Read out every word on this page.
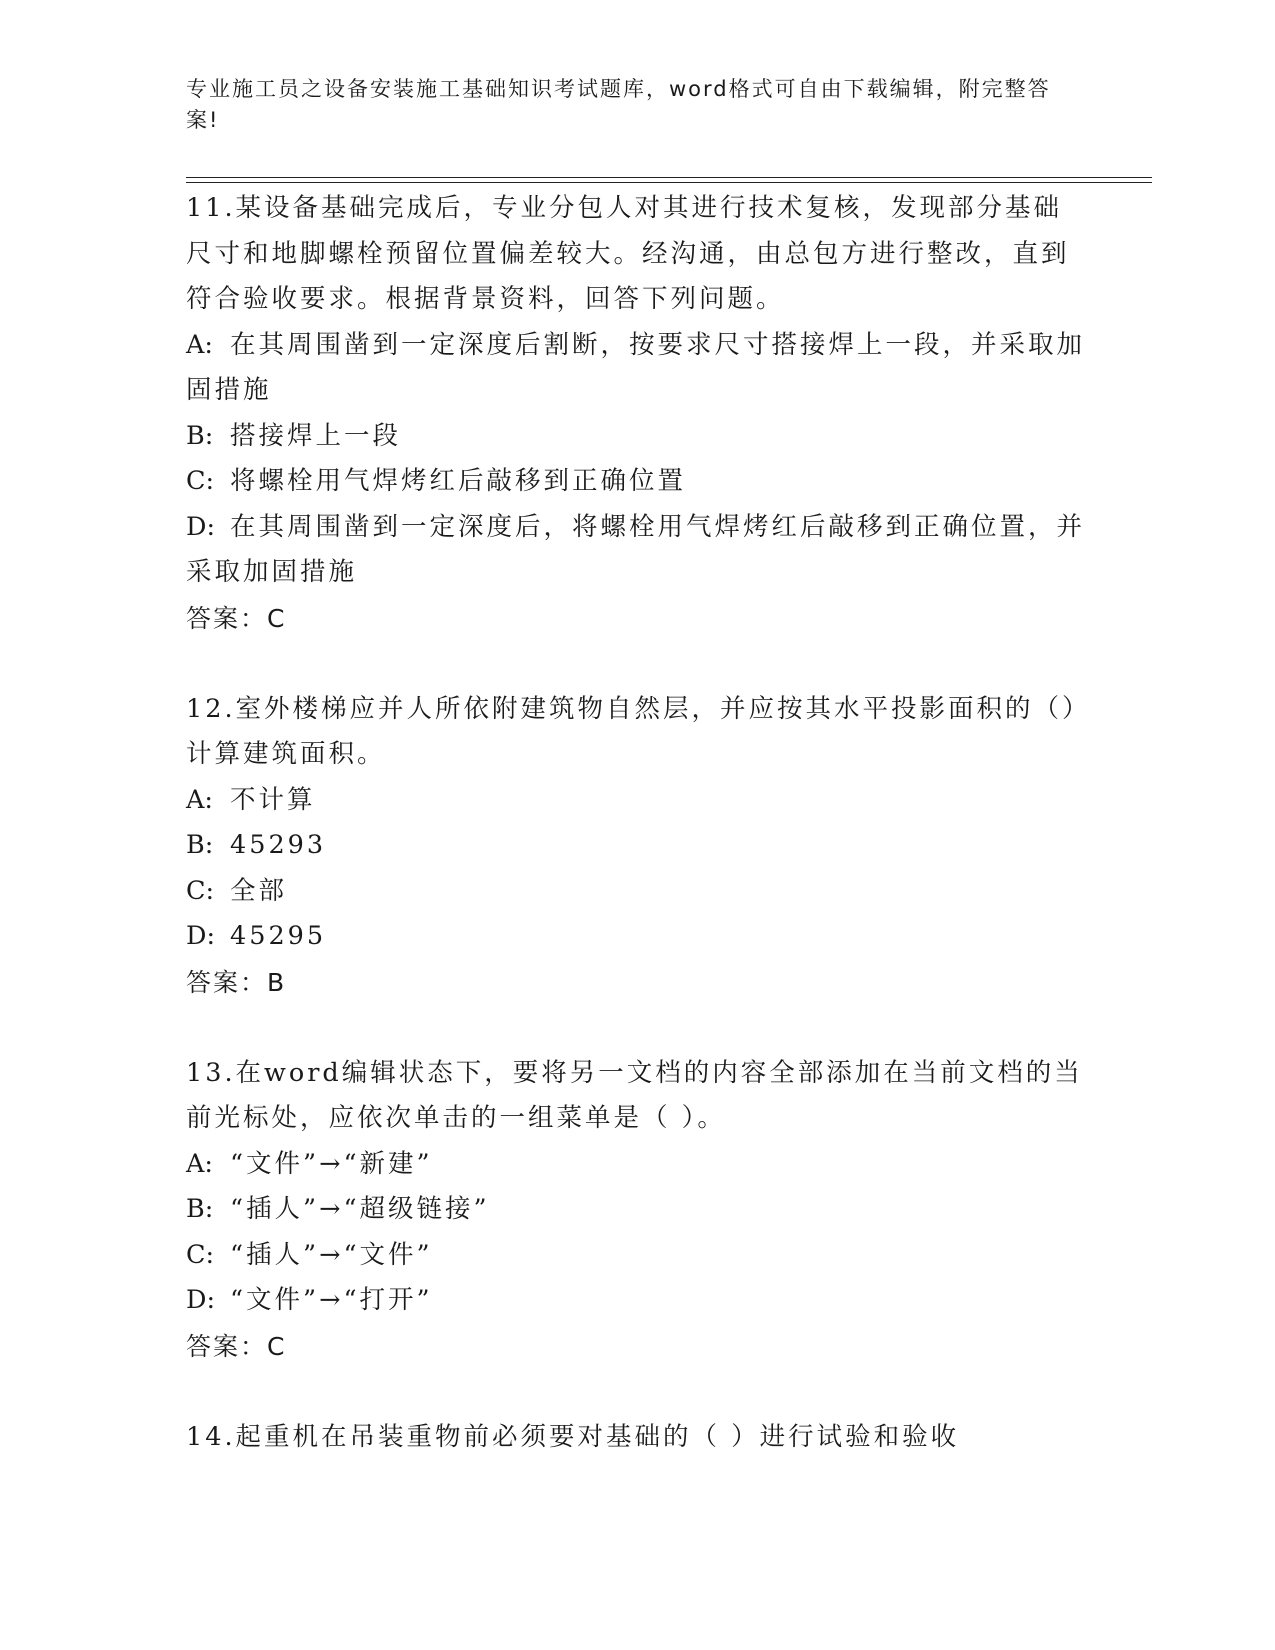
专业施工员之设备安装施工基础知识考试题库，word格式可自由下载编辑，附完整答案!

11.某设备基础完成后，专业分包人对其进行技术复核，发现部分基础尺寸和地脚螺栓预留位置偏差较大。经沟通，由总包方进行整改，直到符合验收要求。根据背景资料，回答下列问题。

A: 在其周围凿到一定深度后割断，按要求尺寸搭接焊上一段，并采取加固措施

B: 搭接焊上一段

C: 将螺栓用气焊烤红后敲移到正确位置

D: 在其周围凿到一定深度后，将螺栓用气焊烤红后敲移到正确位置，并采取加固措施

答案：C

12.室外楼梯应并人所依附建筑物自然层，并应按其水平投影面积的（）计算建筑面积。

A: 不计算

B: 45293

C: 全部

D: 45295

答案：B

13.在word编辑状态下，要将另一文档的内容全部添加在当前文档的当前光标处，应依次单击的一组菜单是（ ）。

A: “文件”→“新建”

B: “插人”→“超级链接”

C: “插人”→“文件”

D: “文件”→“打开”

答案：C

14.起重机在吊装重物前必须要对基础的（ ）进行试验和验收
